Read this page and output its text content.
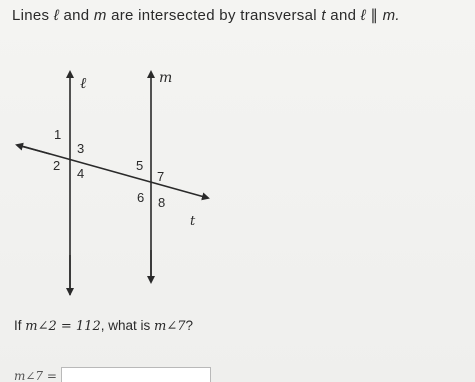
Lines ℓ and m are intersected by transversal t and ℓ ∥ m.
ℓ	m
t
1
3
2
4
5
7
6 8
If m∠2 = 112, what is m∠7?
m∠7 =
